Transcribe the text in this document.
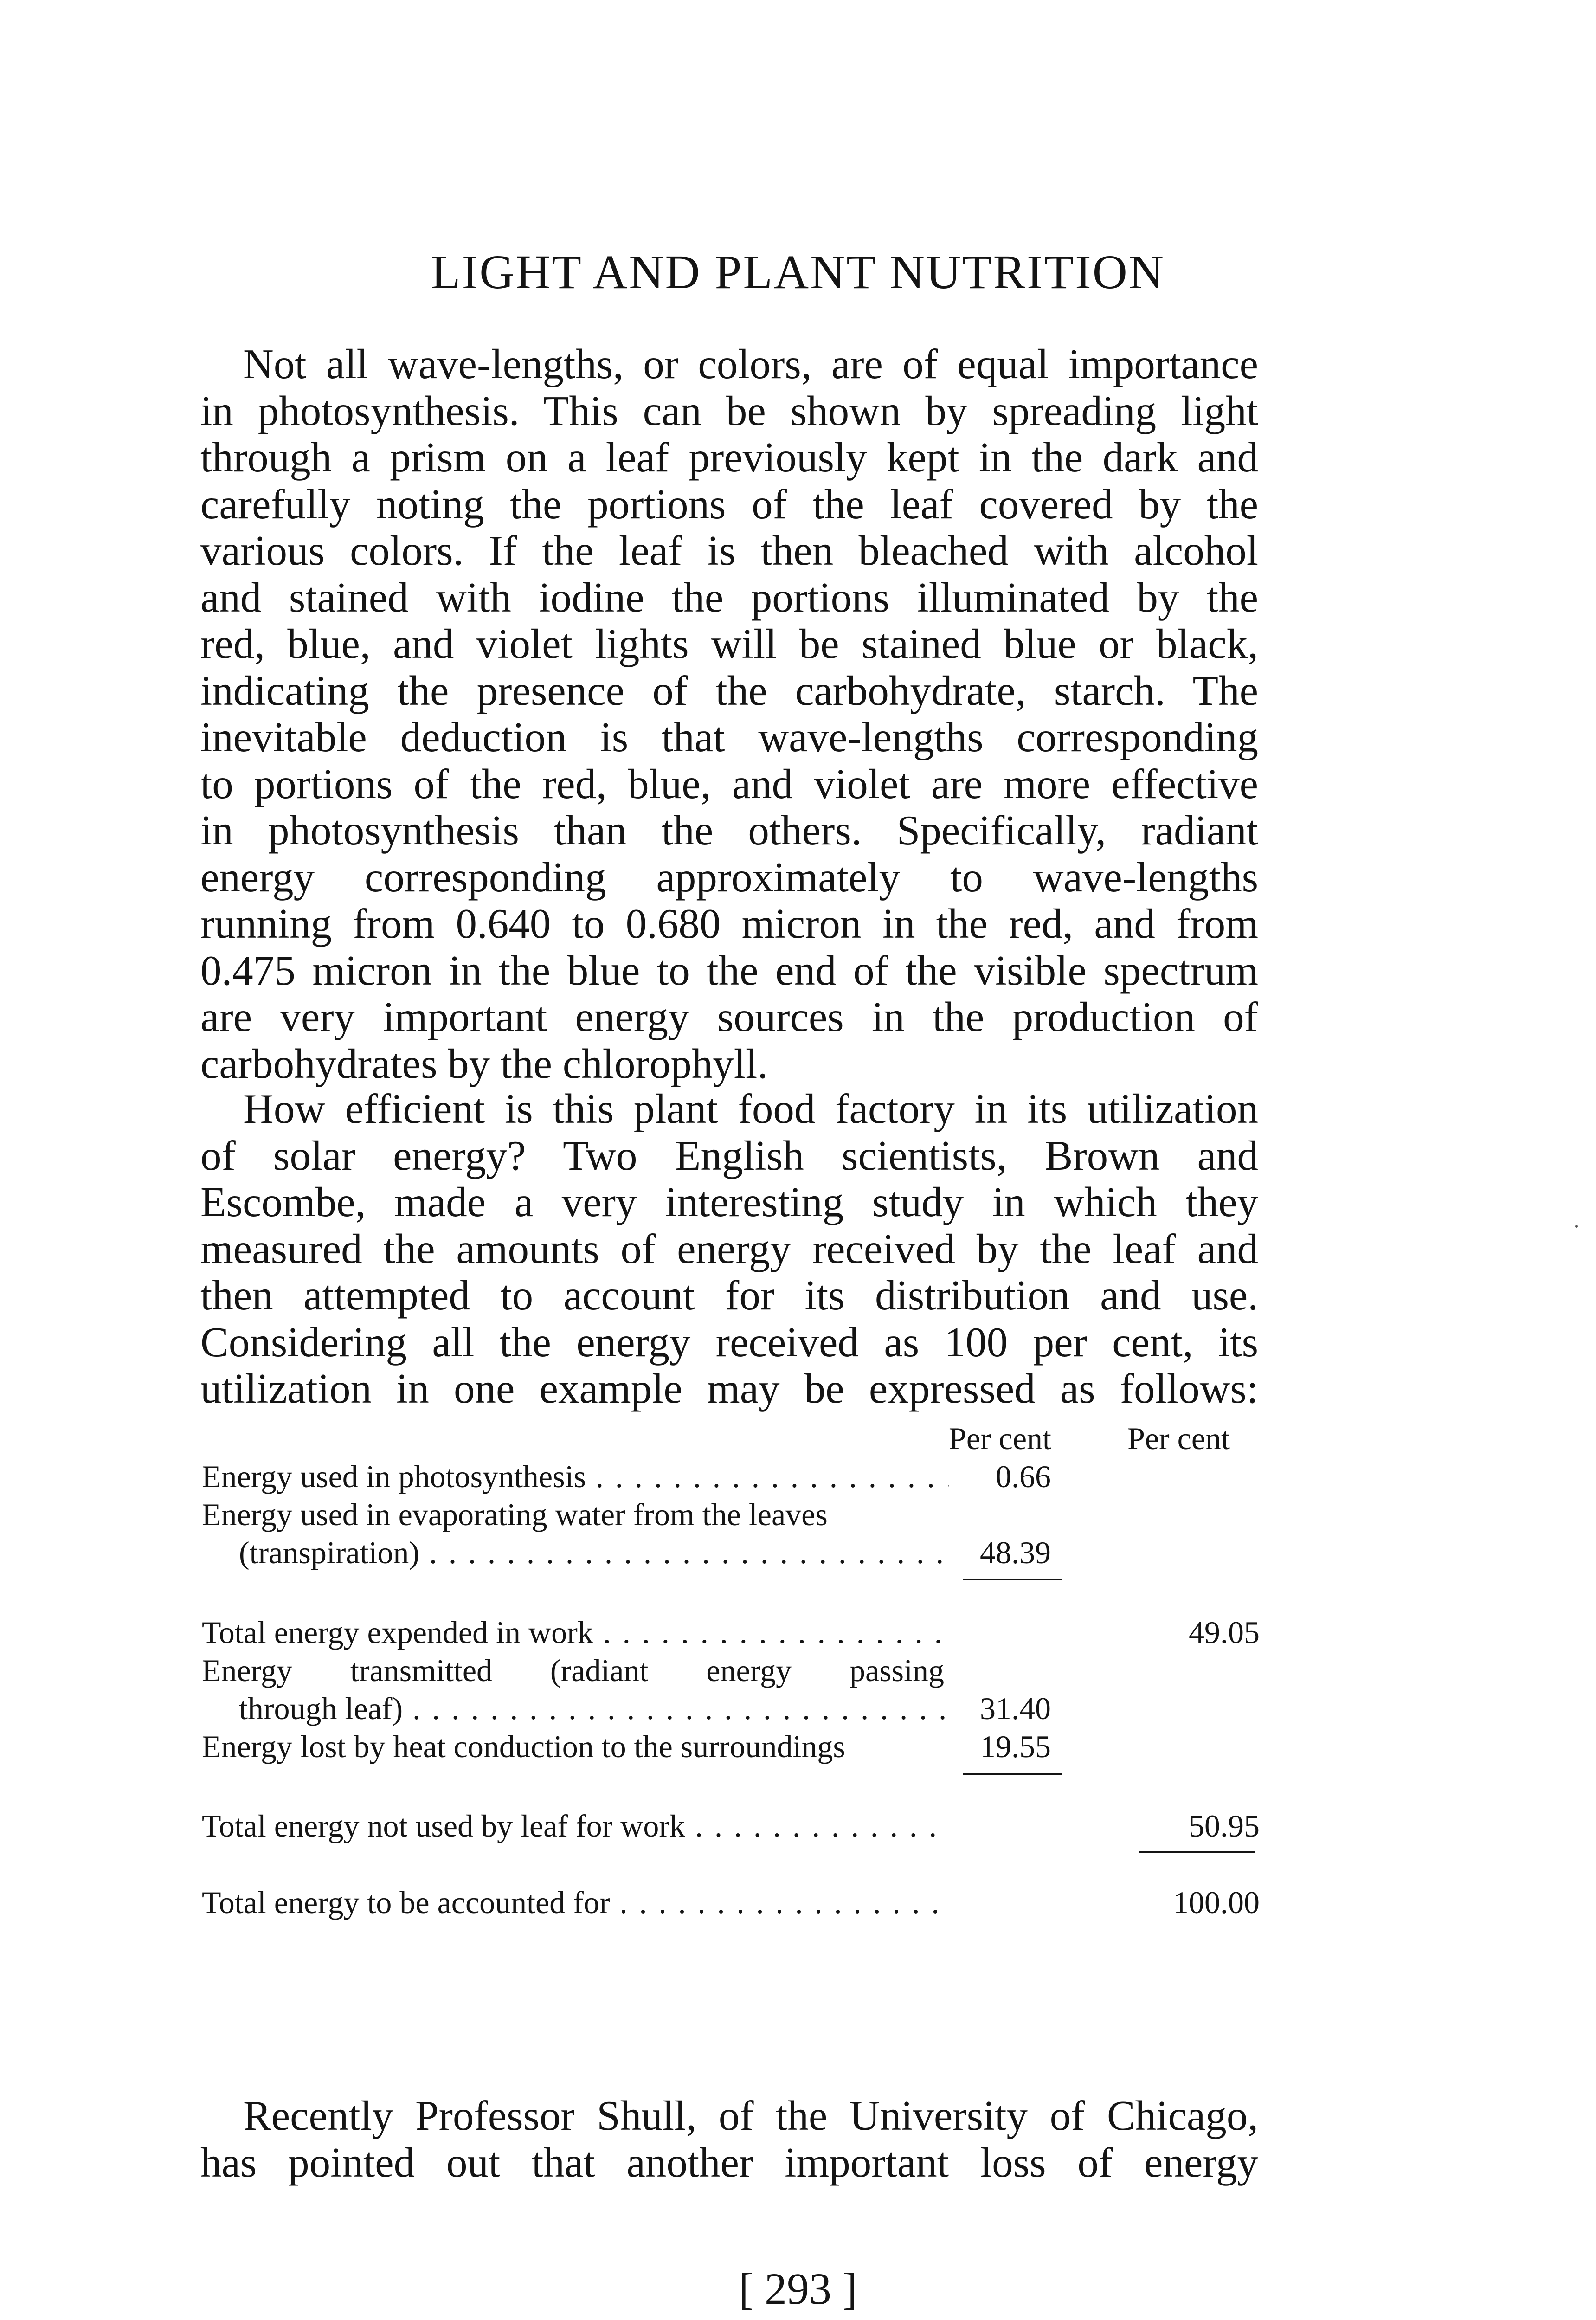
LIGHT AND PLANT NUTRITION
Not all wave-lengths, or colors, are of equal importance
in photosynthesis. This can be shown by spreading light
through a prism on a leaf previously kept in the dark and
carefully noting the portions of the leaf covered by the
various colors. If the leaf is then bleached with alcohol
and stained with iodine the portions illuminated by the
red, blue, and violet lights will be stained blue or black,
indicating the presence of the carbohydrate, starch. The
inevitable deduction is that wave-lengths corresponding
to portions of the red, blue, and violet are more effective
in photosynthesis than the others. Specifically, radiant
energy corresponding approximately to wave-lengths
running from 0.640 to 0.680 micron in the red, and from
0.475 micron in the blue to the end of the visible spectrum
are very important energy sources in the production of
carbohydrates by the chlorophyll.
How efficient is this plant food factory in its utilization
of solar energy? Two English scientists, Brown and
Escombe, made a very interesting study in which they
measured the amounts of energy received by the leaf and
then attempted to account for its distribution and use.
Considering all the energy received as 100 per cent, its
utilization in one example may be expressed as follows:
Per cent Per cent
Energy used in photosynthesis . . .	0.66
Energy used in evaporating water from the leaves
(transpiration) . . .	48.39
Total energy expended in work . . .	49.05
Energy transmitted (radiant energy passing
through leaf) . . .	31.40
Energy lost by heat conduction to the surroundings	19.55
Total energy not used by leaf for work . . .	50.95
Total energy to be accounted for . . .	100.00
Recently Professor Shull, of the University of Chicago,
has pointed out that another important loss of energy
[ 293 ]
